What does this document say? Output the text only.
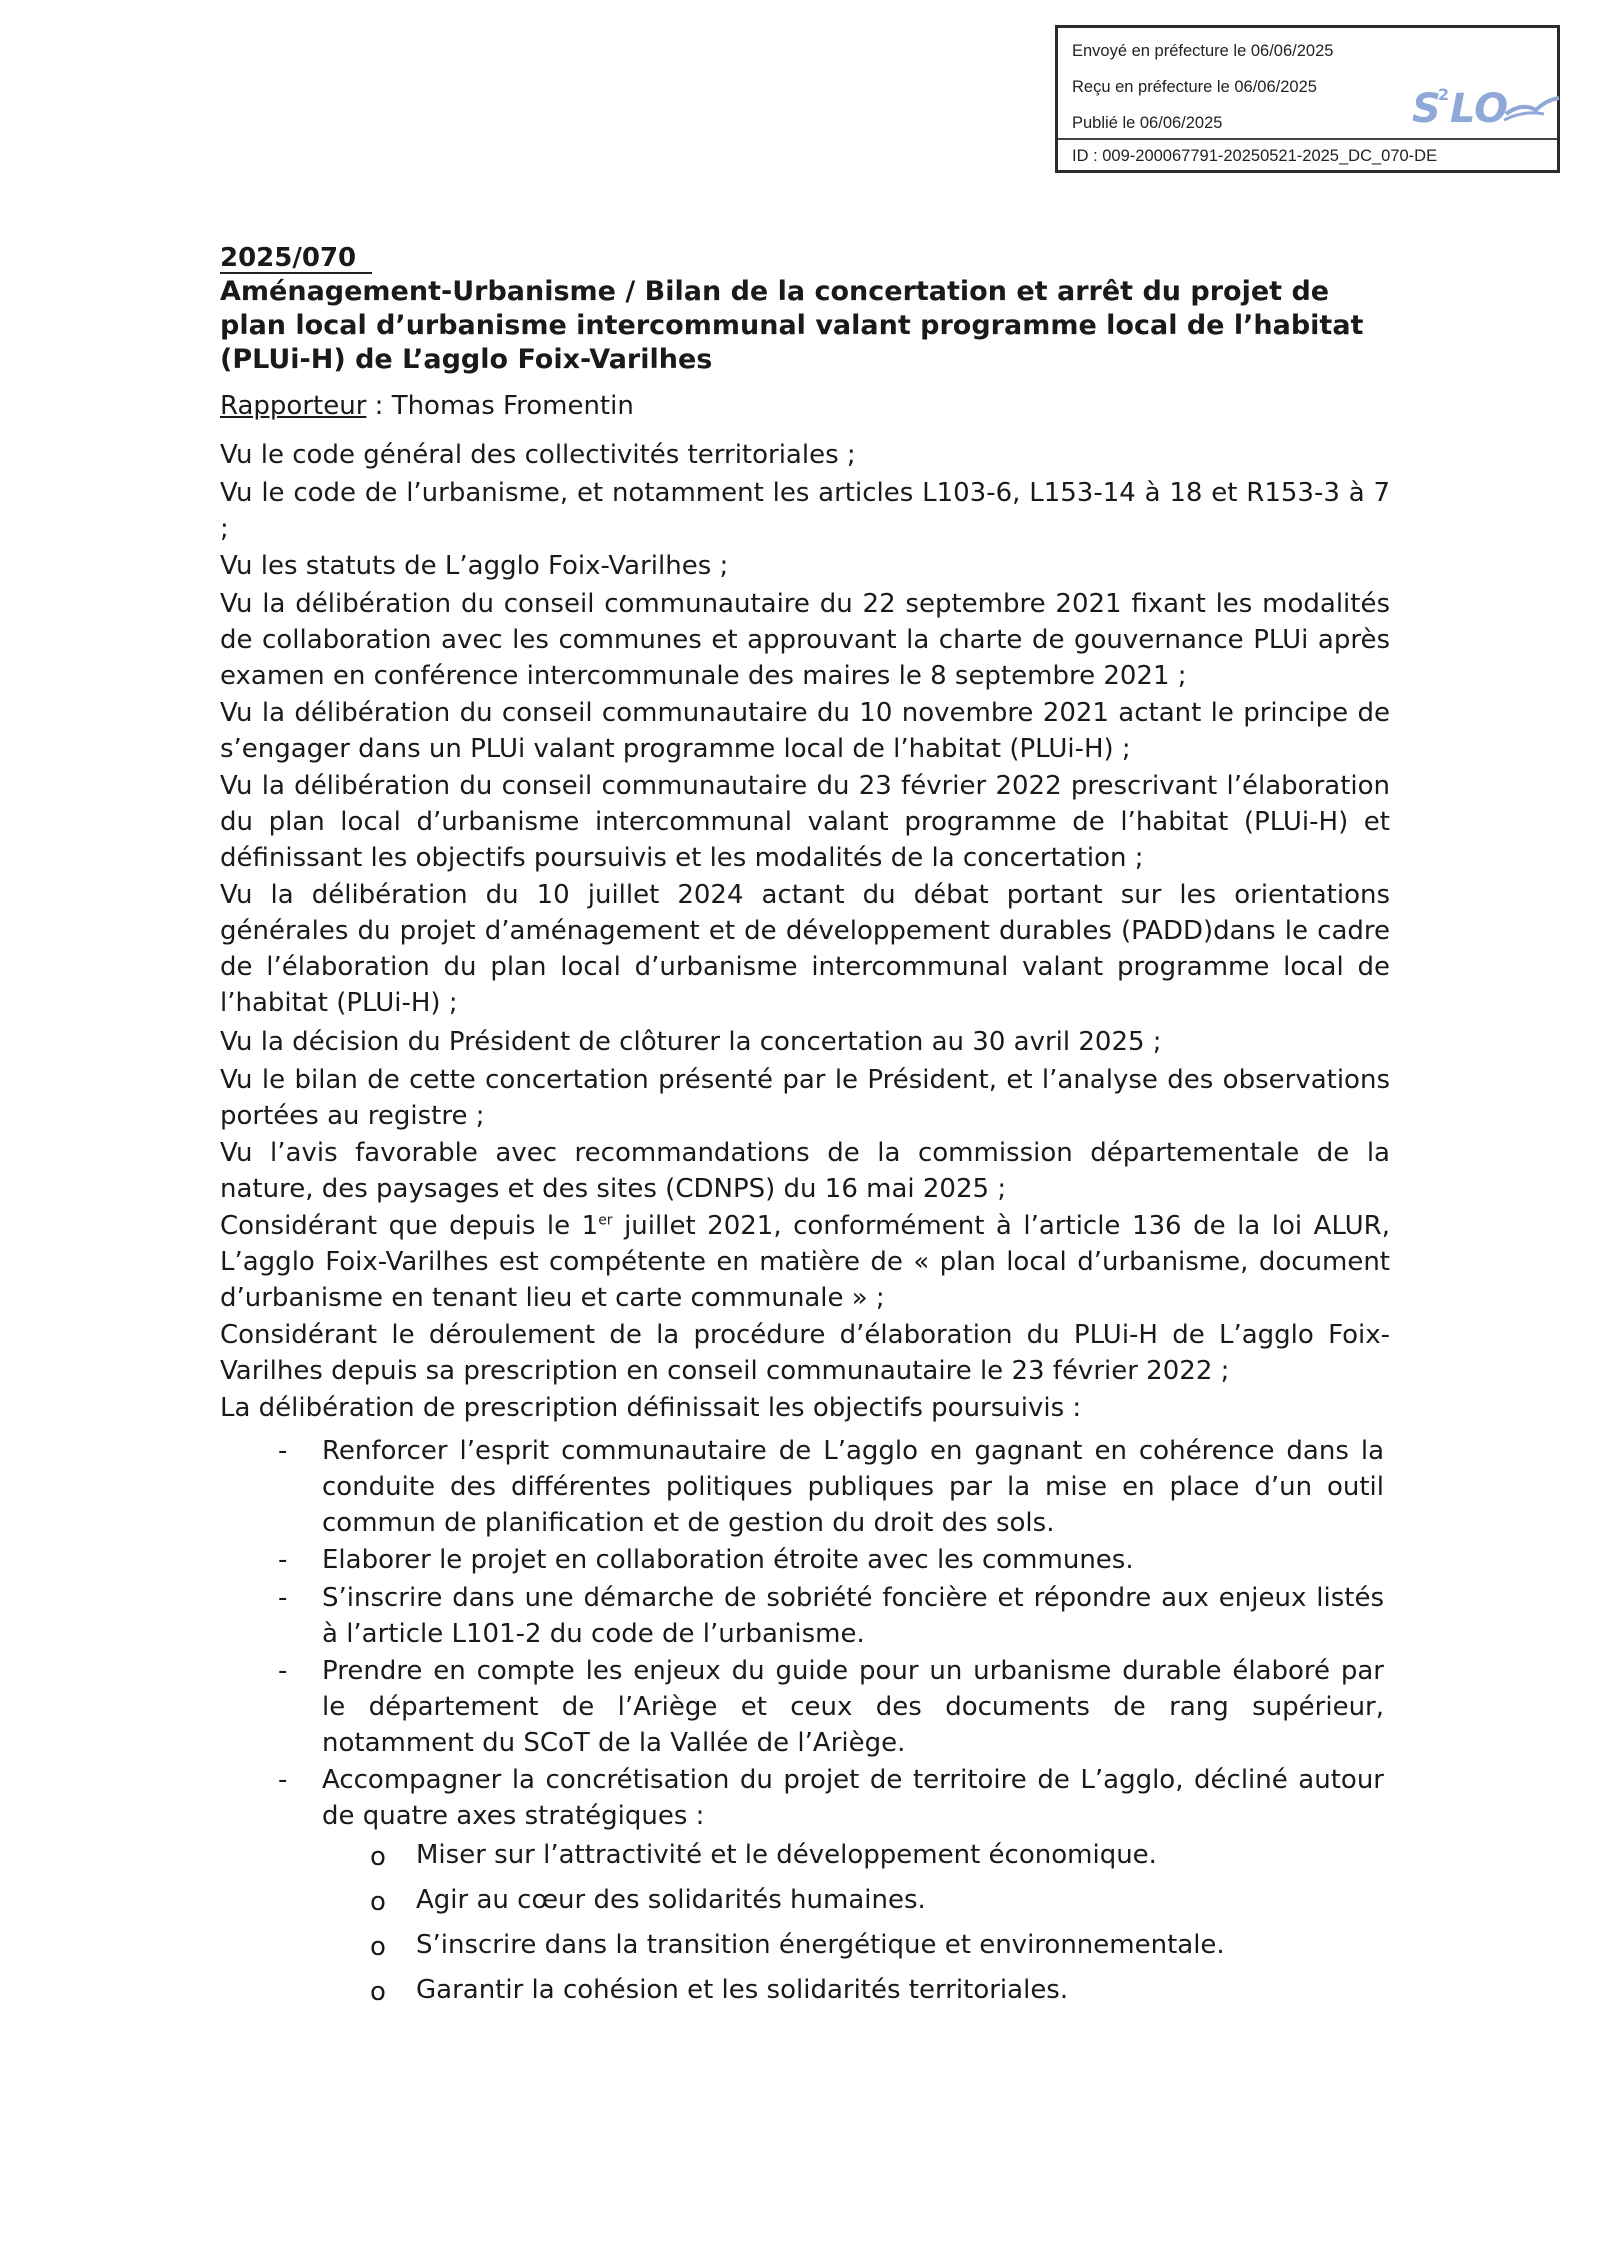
Envoyé en préfecture le 06/06/2025
Reçu en préfecture le 06/06/2025
Publié le 06/06/2025
ID : 009-200067791-20250521-2025_DC_070-DE
S
2 LO
2025/070
Aménagement-Urbanisme / Bilan de la concertation et arrêt du projet de plan local d’urbanisme intercommunal valant programme local de l’habitat (PLUi-H) de L’agglo Foix-Varilhes
Rapporteur : Thomas Fromentin
Vu le code général des collectivités territoriales ;
Vu le code de l’urbanisme, et notamment les articles L103-6, L153-14 à 18 et R153-3 à 7 ;
Vu les statuts de L’agglo Foix-Varilhes ;
Vu la délibération du conseil communautaire du 22 septembre 2021 fixant les modalités de collaboration avec les communes et approuvant la charte de gouvernance PLUi après examen en conférence intercommunale des maires le 8 septembre 2021 ;
Vu la délibération du conseil communautaire du 10 novembre 2021 actant le principe de s’engager dans un PLUi valant programme local de l’habitat (PLUi-H) ;
Vu la délibération du conseil communautaire du 23 février 2022 prescrivant l’élaboration du plan local d’urbanisme intercommunal valant programme de l’habitat (PLUi-H) et définissant les objectifs poursuivis et les modalités de la concertation ;
Vu la délibération du 10 juillet 2024 actant du débat portant sur les orientations générales du projet d’aménagement et de développement durables (PADD)dans le cadre de l’élaboration du plan local d’urbanisme intercommunal valant programme local de l’habitat (PLUi-H) ;
Vu la décision du Président de clôturer la concertation au 30 avril 2025 ;
Vu le bilan de cette concertation présenté par le Président, et l’analyse des observations portées au registre ;
Vu l’avis favorable avec recommandations de la commission départementale de la nature, des paysages et des sites (CDNPS) du 16 mai 2025 ;
Considérant que depuis le 1er juillet 2021, conformément à l’article 136 de la loi ALUR, L’agglo Foix-Varilhes est compétente en matière de « plan local d’urbanisme, document d’urbanisme en tenant lieu et carte communale » ;
Considérant le déroulement de la procédure d’élaboration du PLUi-H de L’agglo Foix-Varilhes depuis sa prescription en conseil communautaire le 23 février 2022 ;
La délibération de prescription définissait les objectifs poursuivis :
- Renforcer l’esprit communautaire de L’agglo en gagnant en cohérence dans la conduite des différentes politiques publiques par la mise en place d’un outil commun de planification et de gestion du droit des sols.
- Elaborer le projet en collaboration étroite avec les communes.
- S’inscrire dans une démarche de sobriété foncière et répondre aux enjeux listés à l’article L101-2 du code de l’urbanisme.
- Prendre en compte les enjeux du guide pour un urbanisme durable élaboré par le département de l’Ariège et ceux des documents de rang supérieur, notamment du SCoT de la Vallée de l’Ariège.
- Accompagner la concrétisation du projet de territoire de L’agglo, décliné autour de quatre axes stratégiques :
o Miser sur l’attractivité et le développement économique.
o Agir au cœur des solidarités humaines.
o S’inscrire dans la transition énergétique et environnementale.
o Garantir la cohésion et les solidarités territoriales.
